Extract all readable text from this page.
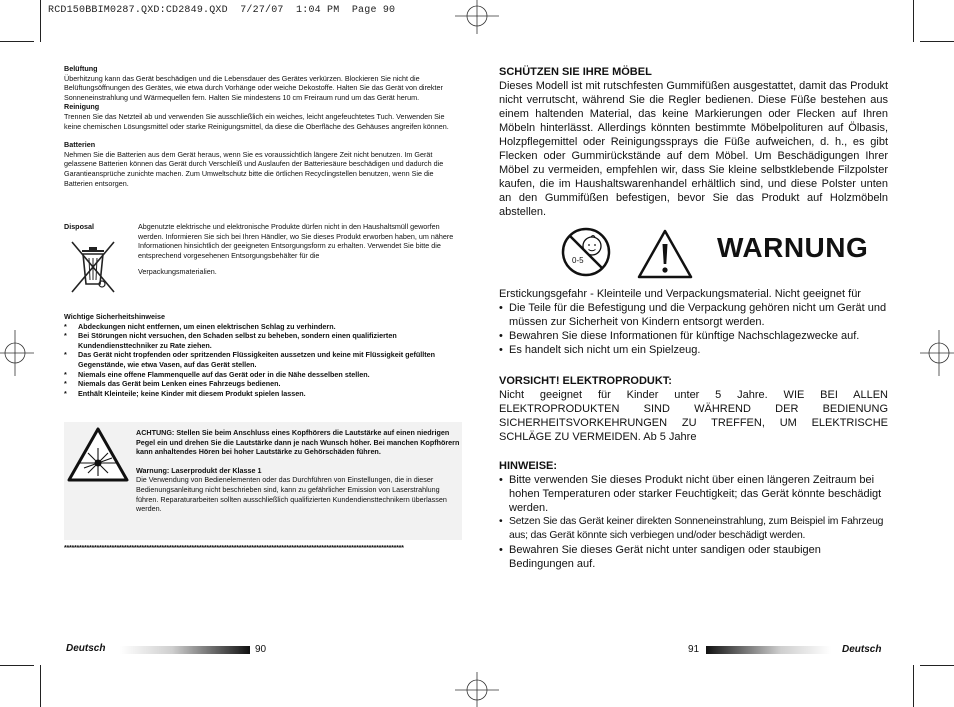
RCD150BBIM0287.QXD:CD2849.QXD  7/27/07  1:04 PM  Page 90

Belüftung

Überhitzung kann das Gerät beschädigen und die Lebensdauer des Gerätes verkürzen. Blockieren Sie nicht die Belüftungsöffnungen des Gerätes, wie etwa durch Vorhänge oder weiche Dekostoffe. Halten Sie das Gerät von direkter Sonneneinstrahlung und Wärmequellen fern. Halten Sie mindestens 10 cm Freiraum rund um das Gerät herum.

Reinigung

Trennen Sie das Netzteil ab und verwenden Sie ausschließlich ein weiches, leicht angefeuchtetes Tuch. Verwenden Sie keine chemischen Lösungsmittel oder starke Reinigungsmittel, da diese die Oberfläche des Gehäuses angreifen können.

Batterien

Nehmen Sie die Batterien aus dem Gerät heraus, wenn Sie es voraussichtlich längere Zeit nicht benutzen. Im Gerät gelassene Batterien können das Gerät durch Verschleiß und Auslaufen der Batteriesäure beschädigen und dadurch die Garantieansprüche zunichte machen. Zum Umweltschutz bitte die örtlichen Recyclingstellen benutzen, wenn Sie die Batterien entsorgen.

Disposal	Abgenutzte elektrische und elektronische Produkte dürfen nicht in den Haushaltsmüll geworfen werden. Informieren Sie sich bei Ihren Händler, wo Sie dieses Produkt erworben haben, um nähere Informationen hinsichtlich der geeigneten Entsorgungsform zu erhalten. Verwendet Sie bitte die entsprechend vorgesehenen Entsorgungsbehälter für die

Verpackungsmaterialien.

Wichtige Sicherheitshinweise
* Abdeckungen nicht entfernen, um einen elektrischen Schlag zu verhindern.
* Bei Störungen nicht versuchen, den Schaden selbst zu beheben, sondern einen qualifizierten Kundendiensttechniker zu Rate ziehen.
* Das Gerät nicht tropfenden oder spritzenden Flüssigkeiten aussetzen und keine mit Flüssigkeit gefüllten Gegenstände, wie etwa Vasen, auf das Gerät stellen.
* Niemals eine offene Flammenquelle auf das Gerät oder in die Nähe desselben stellen.
* Niemals das Gerät beim Lenken eines Fahrzeugs bedienen.
* Enthält Kleinteile; keine Kinder mit diesem Produkt spielen lassen.

ACHTUNG: Stellen Sie beim Anschluss eines Kopfhörers die Lautstärke auf einen niedrigen Pegel ein und drehen Sie die Lautstärke dann je nach Wunsch höher. Bei manchen Kopfhörern kann anhaltendes Hören bei hoher Lautstärke zu Gehörschäden führen.

Warnung: Laserprodukt der Klasse 1

Die Verwendung von Bedienelementen oder das Durchführen von Einstellungen, die in dieser Bedienungsanleitung nicht beschrieben sind, kann zu gefährlicher Emission von Laserstrahlung führen. Reparaturarbeiten sollten ausschließlich qualifizierten Kundendiensttechnikern überlassen werden.

****************************************************************************************************************************************
Deutsch	90

SCHÜTZEN SIE IHRE MÖBEL

Dieses Modell ist mit rutschfesten Gummifüßen ausgestattet, damit das Produkt nicht verrutscht, während Sie die Regler bedienen. Diese Füße bestehen aus einem haltenden Material, das keine Markierungen oder Flecken auf Ihren Möbeln hinterlässt. Allerdings könnten bestimmte Möbelpolituren auf Ölbasis, Holzpflegemittel oder Reinigungssprays die Füße aufweichen, d. h., es gibt Flecken oder Gummirückstände auf dem Möbel. Um Beschädigungen Ihrer Möbel zu vermeiden, empfehlen wir, dass Sie kleine selbstklebende Filzpolster kaufen, die im Haushaltswarenhandel erhältlich sind, und diese Polster unten an den Gummifüßen befestigen, bevor Sie das Produkt auf Holzmöbeln abstellen.

0-5	WARNUNG

Erstickungsgefahr - Kleinteile und Verpackungsmaterial. Nicht geeignet für

• Die Teile für die Befestigung und die Verpackung gehören nicht um Gerät und müssen zur Sicherheit von Kindern entsorgt werden.
• Bewahren Sie diese Informationen für künftige Nachschlagezwecke auf.
• Es handelt sich nicht um ein Spielzeug.

VORSICHT! ELEKTROPRODUKT:

Nicht geeignet für Kinder unter 5 Jahre. WIE BEI ALLEN ELEKTROPRODUKTEN SIND WÄHREND DER BEDIENUNG SICHERHEITSVORKEHRUNGEN ZU TREFFEN, UM ELEKTRISCHE SCHLÄGE ZU VERMEIDEN. Ab 5 Jahre

HINWEISE:

• Bitte verwenden Sie dieses Produkt nicht über einen längeren Zeitraum bei hohen Temperaturen oder starker Feuchtigkeit; das Gerät könnte beschädigt werden.
• Setzen Sie das Gerät keiner direkten Sonneneinstrahlung, zum Beispiel im Fahrzeug aus; das Gerät könnte sich verbiegen und/oder beschädigt werden.
• Bewahren Sie dieses Gerät nicht unter sandigen oder staubigen Bedingungen auf.
91	Deutsch
